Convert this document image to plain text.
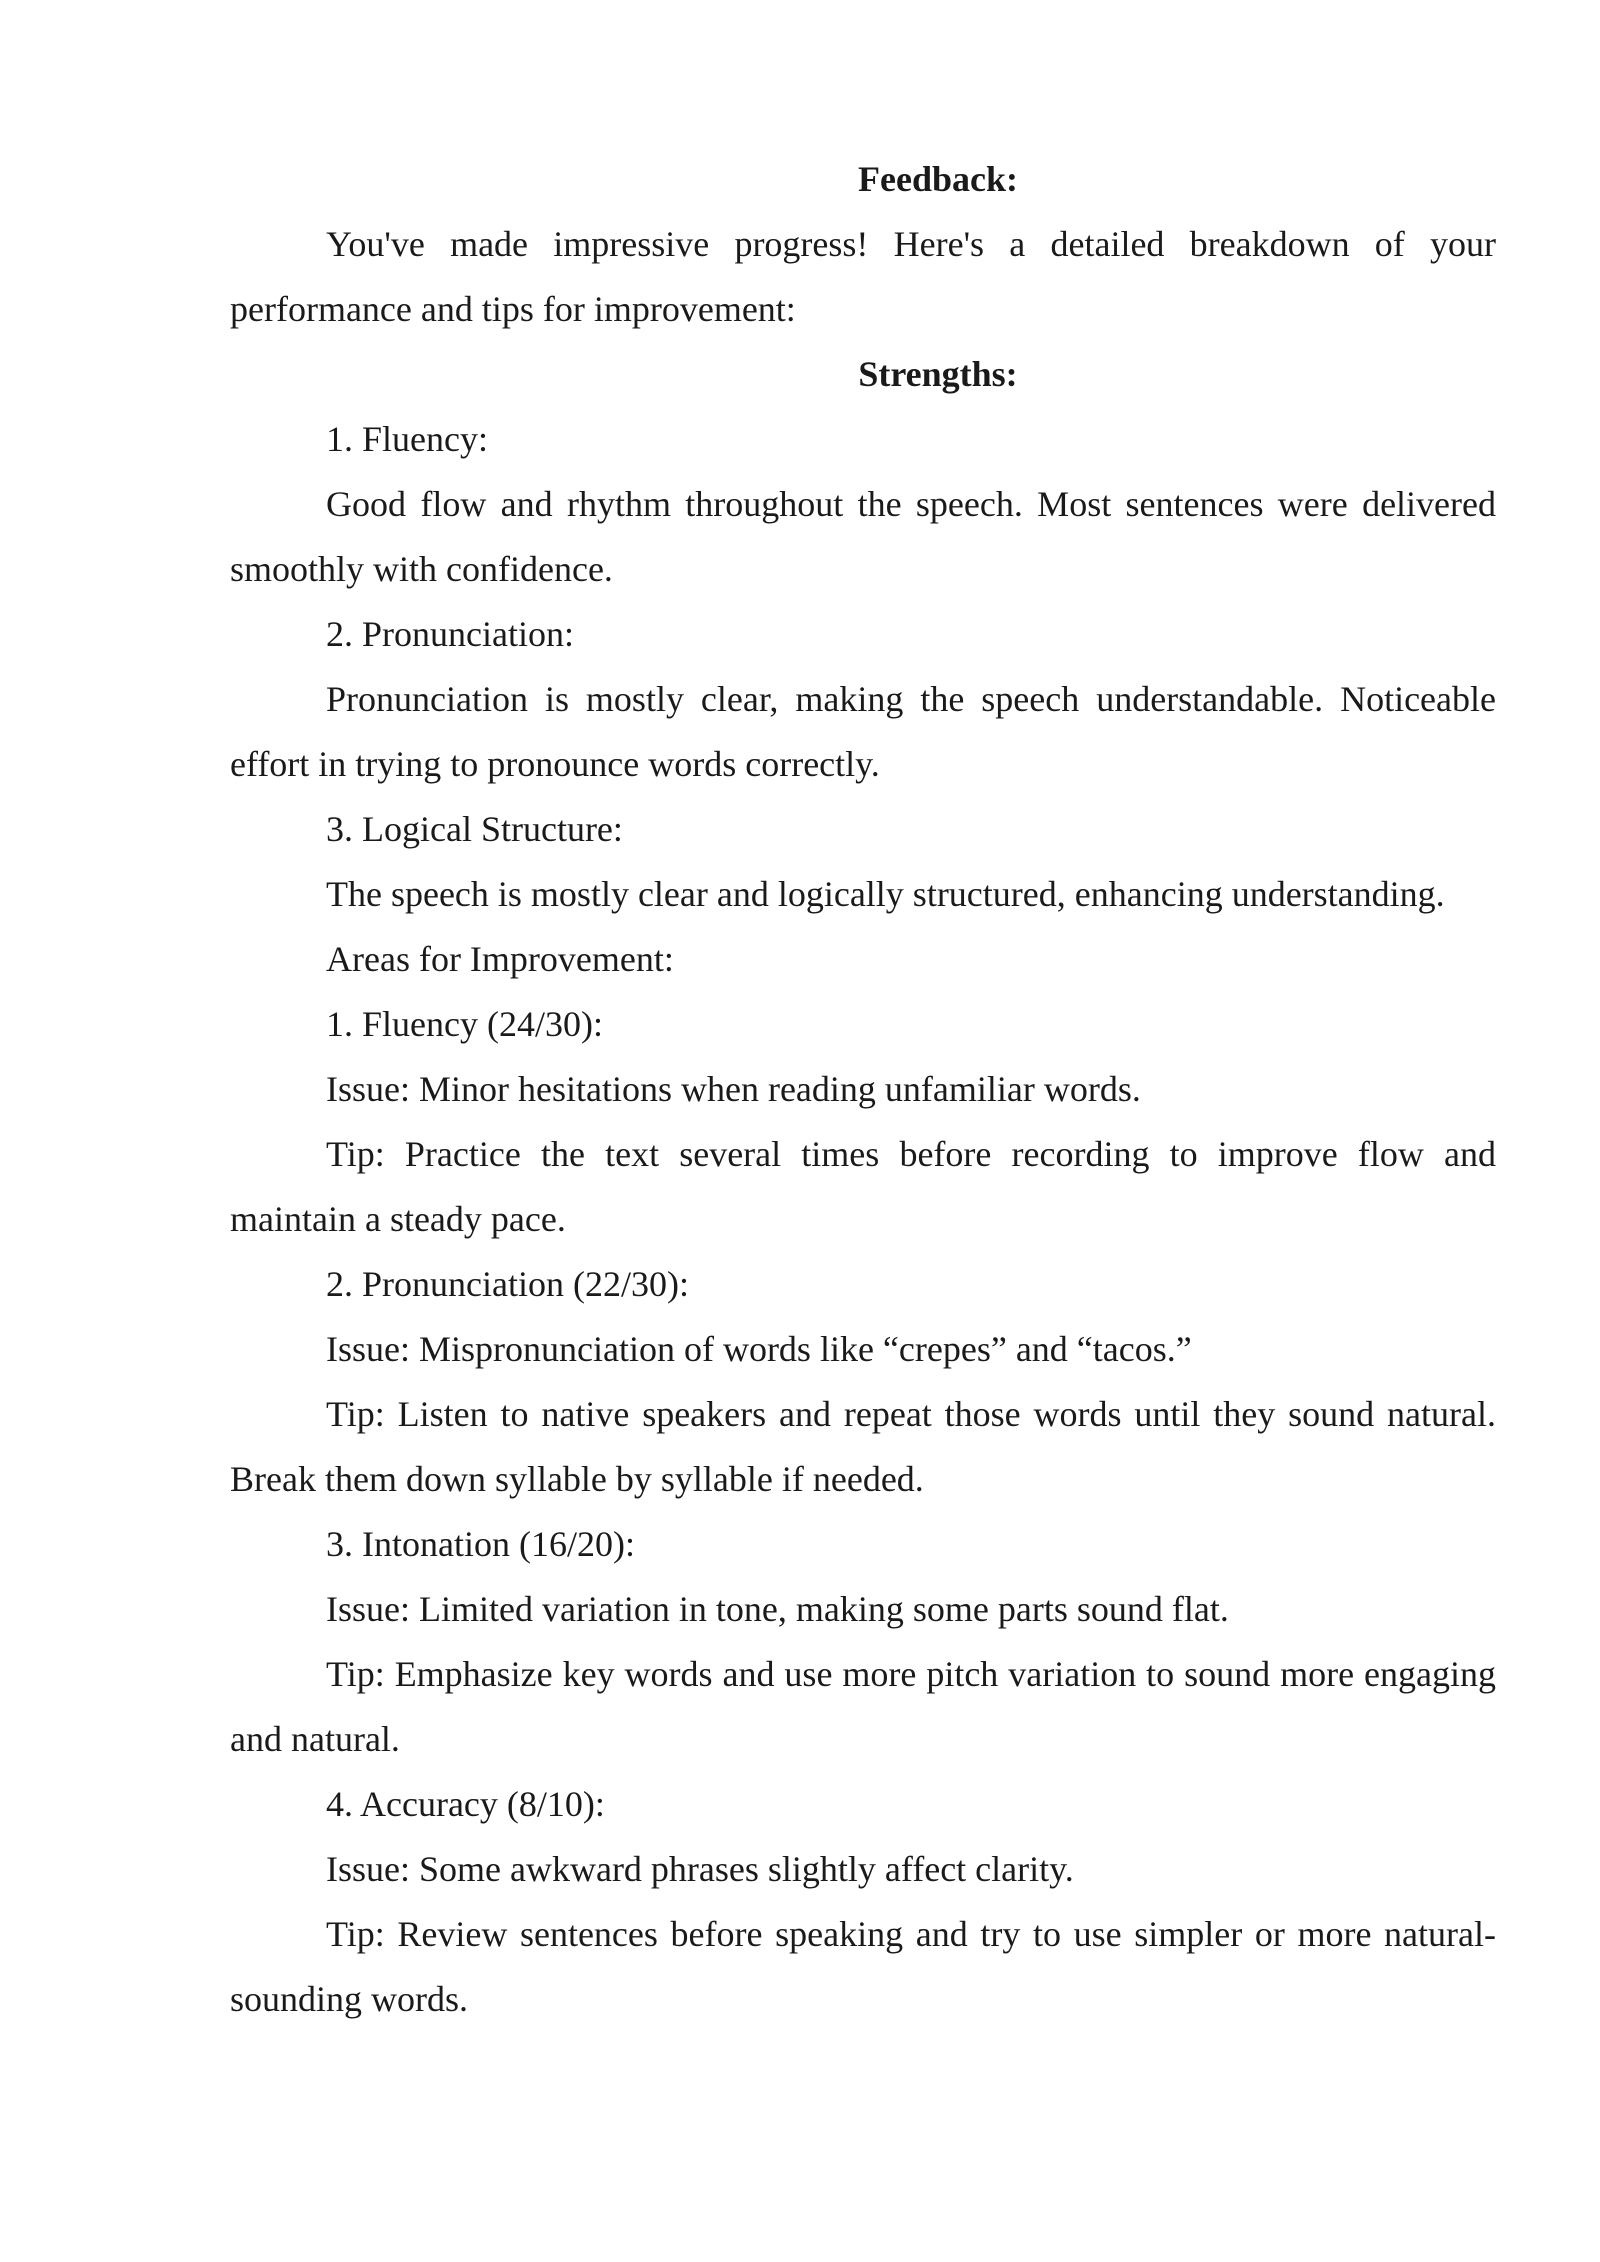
Feedback:

You've made impressive progress! Here's a detailed breakdown of your performance and tips for improvement:

Strengths:

1. Fluency:

Good flow and rhythm throughout the speech. Most sentences were delivered smoothly with confidence.

2. Pronunciation:

Pronunciation is mostly clear, making the speech understandable. Noticeable effort in trying to pronounce words correctly.

3. Logical Structure:

The speech is mostly clear and logically structured, enhancing understanding.

Areas for Improvement:

1. Fluency (24/30):

Issue: Minor hesitations when reading unfamiliar words.

Tip: Practice the text several times before recording to improve flow and maintain a steady pace.

2. Pronunciation (22/30):

Issue: Mispronunciation of words like “crepes” and “tacos.”

Tip: Listen to native speakers and repeat those words until they sound natural. Break them down syllable by syllable if needed.

3. Intonation (16/20):

Issue: Limited variation in tone, making some parts sound flat.

Tip: Emphasize key words and use more pitch variation to sound more engaging and natural.

4. Accuracy (8/10):

Issue: Some awkward phrases slightly affect clarity.

Tip: Review sentences before speaking and try to use simpler or more natural-sounding words.
